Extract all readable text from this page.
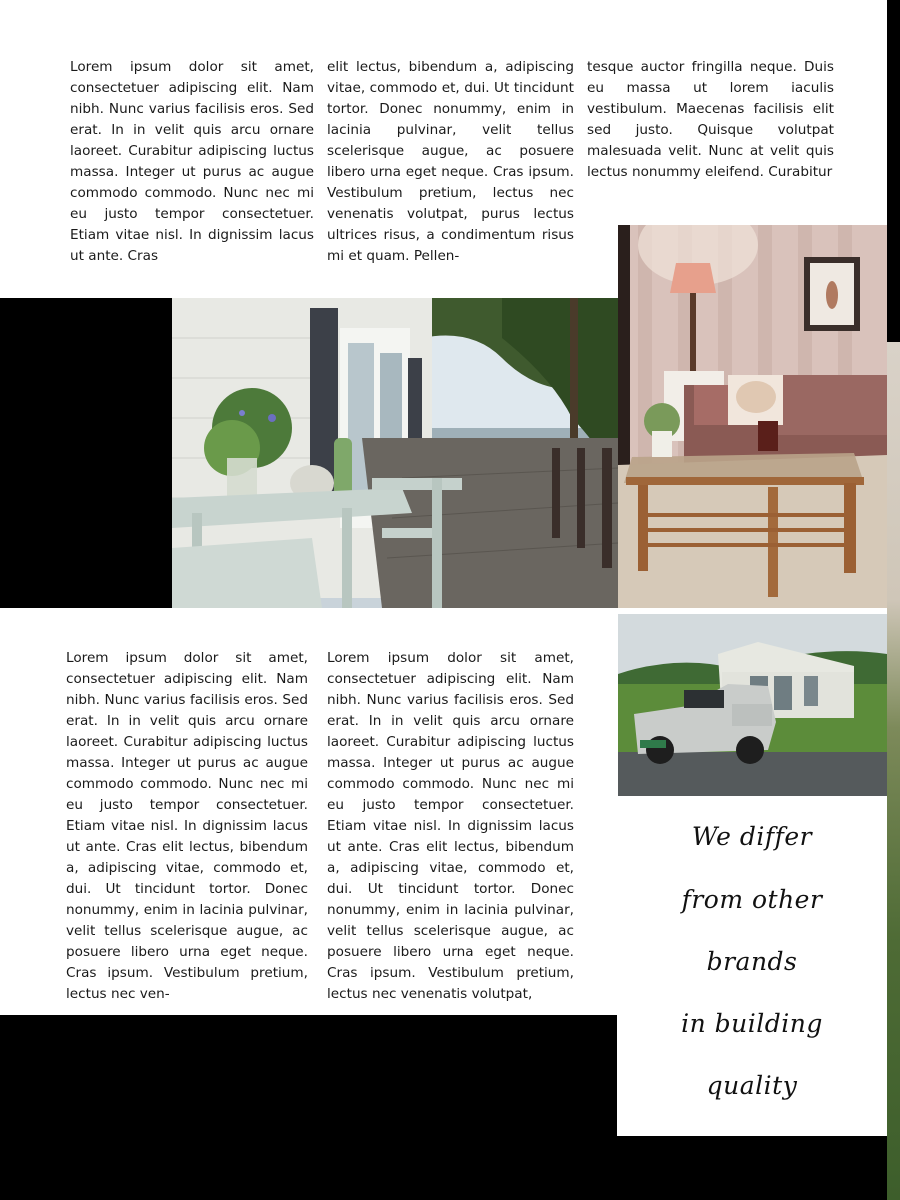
Lorem ipsum dolor sit amet, consectetuer adipiscing elit. Nam nibh. Nunc varius facilisis eros. Sed erat. In in velit quis arcu ornare laoreet. Curabitur adipiscing luctus massa. Integer ut purus ac augue commodo commodo. Nunc nec mi eu justo tempor consectetuer. Etiam vitae nisl. In dignissim lacus ut ante. Cras

elit lectus, bibendum a, adipiscing vitae, commodo et, dui. Ut tincidunt tortor. Donec nonummy, enim in lacinia pulvinar, velit tellus scelerisque augue, ac posuere libero urna eget neque. Cras ipsum. Vestibulum pretium, lectus nec venenatis volutpat, purus lectus ultrices risus, a condimentum risus mi et quam. Pellen-

tesque auctor fringilla neque. Duis eu massa ut lorem iaculis vestibulum. Maecenas facilisis elit sed justo. Quisque volutpat malesuada velit. Nunc at velit quis lectus nonummy eleifend. Curabitur

Lorem ipsum dolor sit amet, consectetuer adipiscing elit. Nam nibh. Nunc varius facilisis eros. Sed erat. In in velit quis arcu ornare laoreet. Curabitur adipiscing luctus massa. Integer ut purus ac augue commodo commodo. Nunc nec mi eu justo tempor consectetuer. Etiam vitae nisl. In dignissim lacus ut ante. Cras elit lectus, bibendum a, adipiscing vitae, commodo et, dui. Ut tincidunt tortor. Donec nonummy, enim in lacinia pulvinar, velit tellus scelerisque augue, ac posuere libero urna eget neque. Cras ipsum. Vestibulum pretium, lectus nec ven-

Lorem ipsum dolor sit amet, consectetuer adipiscing elit. Nam nibh. Nunc varius facilisis eros. Sed erat. In in velit quis arcu ornare laoreet. Curabitur adipiscing luctus massa. Integer ut purus ac augue commodo commodo. Nunc nec mi eu justo tempor consectetuer. Etiam vitae nisl. In dignissim lacus ut ante. Cras elit lectus, bibendum a, adipiscing vitae, commodo et, dui. Ut tincidunt tortor. Donec nonummy, enim in lacinia pulvinar, velit tellus scelerisque augue, ac posuere libero urna eget neque. Cras ipsum. Vestibulum pretium, lectus nec venenatis volutpat,

We differ

from other

brands

in building

quality
